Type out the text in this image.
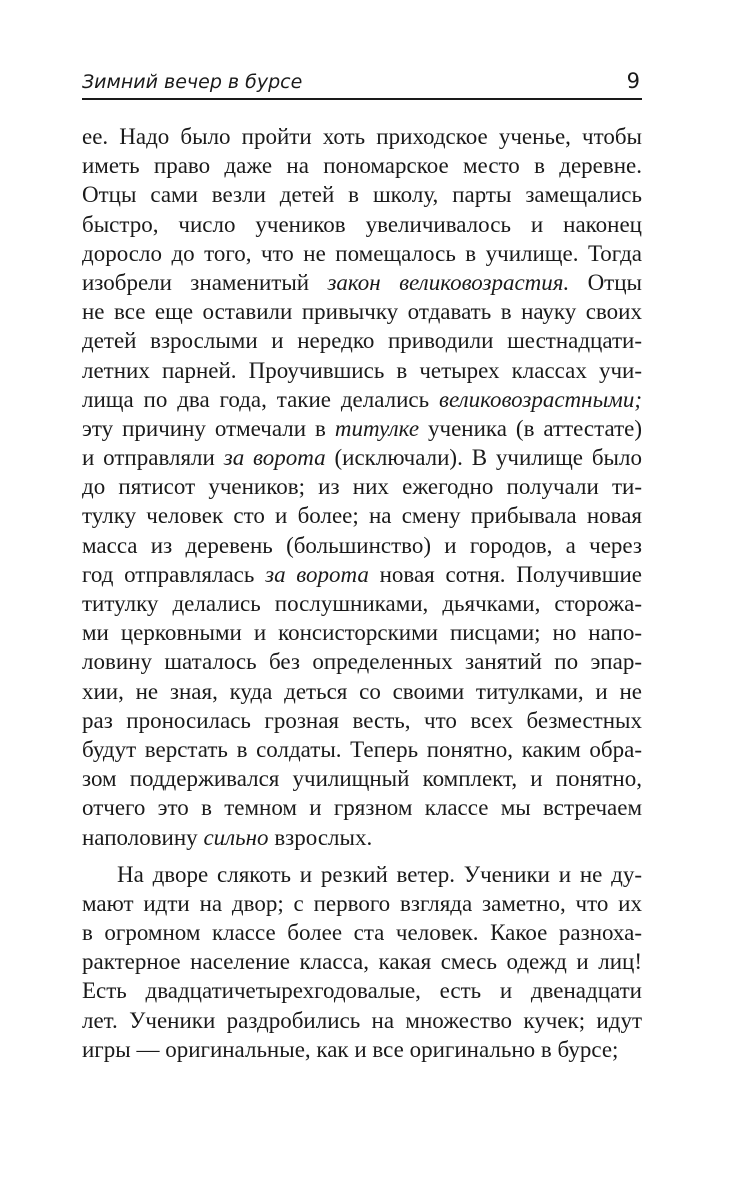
Зимний вечер в бурсе	9
ее. Надо было пройти хоть приходское ученье, чтобы
иметь право даже на пономарское место в деревне.
Отцы сами везли детей в школу, парты замещались
быстро, число учеников увеличивалось и наконец
доросло до того, что не помещалось в училище. Тогда
изобрели знаменитый закон великовозрастия. Отцы
не все еще оставили привычку отдавать в науку своих
детей взрослыми и нередко приводили шестнадцати-
летних парней. Проучившись в четырех классах учи-
лища по два года, такие делались великовозрастными;
эту причину отмечали в титулке ученика (в аттестате)
и отправляли за ворота (исключали). В училище было
до пятисот учеников; из них ежегодно получали ти-
тулку человек сто и более; на смену прибывала новая
масса из деревень (большинство) и городов, а через
год отправлялась за ворота новая сотня. Получившие
титулку делались послушниками, дьячками, сторожа-
ми церковными и консисторскими писцами; но напо-
ловину шаталось без определенных занятий по эпар-
хии, не зная, куда деться со своими титулками, и не
раз проносилась грозная весть, что всех безместных
будут верстать в солдаты. Теперь понятно, каким обра-
зом поддерживался училищный комплект, и понятно,
отчего это в темном и грязном классе мы встречаем
наполовину сильно взрослых.
На дворе слякоть и резкий ветер. Ученики и не ду-
мают идти на двор; с первого взгляда заметно, что их
в огромном классе более ста человек. Какое разноха-
рактерное население класса, какая смесь одежд и лиц!
Есть двадцатичетырехгодовалые, есть и двенадцати
лет. Ученики раздробились на множество кучек; идут
игры — оригинальные, как и все оригинально в бурсе;
